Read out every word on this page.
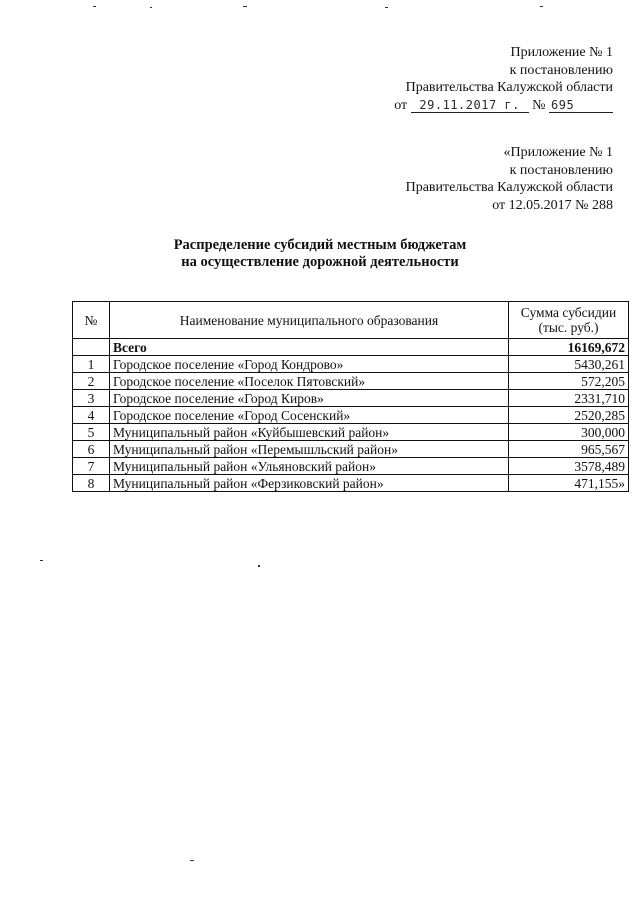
Приложение № 1
к постановлению
Правительства Калужской области
от 29.11.2017 г. № 695
«Приложение № 1
к постановлению
Правительства Калужской области
от 12.05.2017 № 288
Распределение субсидий местным бюджетам
на осуществление дорожной деятельности
№	Наименование муниципального образования	Сумма субсидии
(тыс. руб.)

	Всего	16169,672
1	Городское поселение «Город Кондрово»	5430,261
2	Городское поселение «Поселок Пятовский»	572,205
3	Городское поселение «Город Киров»	2331,710
4	Городское поселение «Город Сосенский»	2520,285
5	Муниципальный район «Куйбышевский район»	300,000
6	Муниципальный район «Перемышльский район»	965,567
7	Муниципальный район «Ульяновский район»	3578,489
8	Муниципальный район «Ферзиковский район»	471,155»
